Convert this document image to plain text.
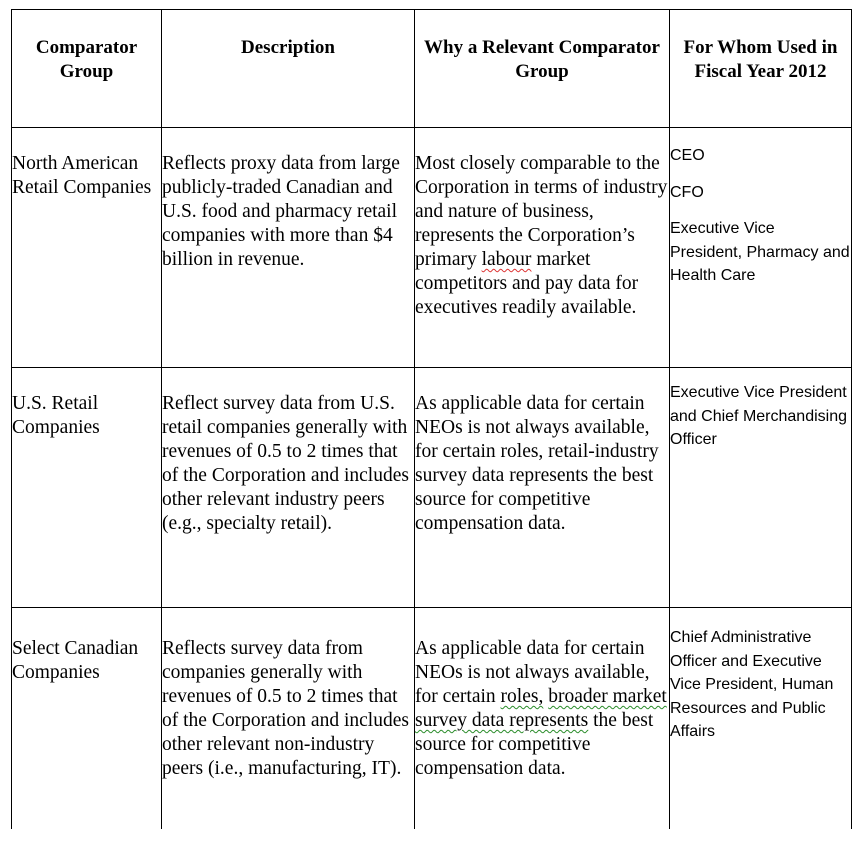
Comparator Group	Description	Why a Relevant Comparator Group	For Whom Used in Fiscal Year 2012
North American Retail Companies	Reflects proxy data from large publicly-traded Canadian and U.S. food and pharmacy retail companies with more than $4 billion in revenue.	Most closely comparable to the Corporation in terms of industry and nature of business, represents the Corporation’s primary labour market competitors and pay data for executives readily available.	CEO

CFO

Executive Vice President, Pharmacy and Health Care

U.S. Retail Companies	Reflect survey data from U.S. retail companies generally with revenues of 0.5 to 2 times that of the Corporation and includes other relevant industry peers (e.g., specialty retail).	As applicable data for certain NEOs is not always available, for certain roles, retail-industry survey data represents the best source for competitive compensation data.	Executive Vice President and Chief Merchandising Officer

Select Canadian Companies	Reflects survey data from companies generally with revenues of 0.5 to 2 times that of the Corporation and includes other relevant non-industry peers (i.e., manufacturing, IT).	As applicable data for certain NEOs is not always available, for certain roles, broader market survey data represents the best source for competitive compensation data.	Chief Administrative Officer and Executive Vice President, Human Resources and Public Affairs
